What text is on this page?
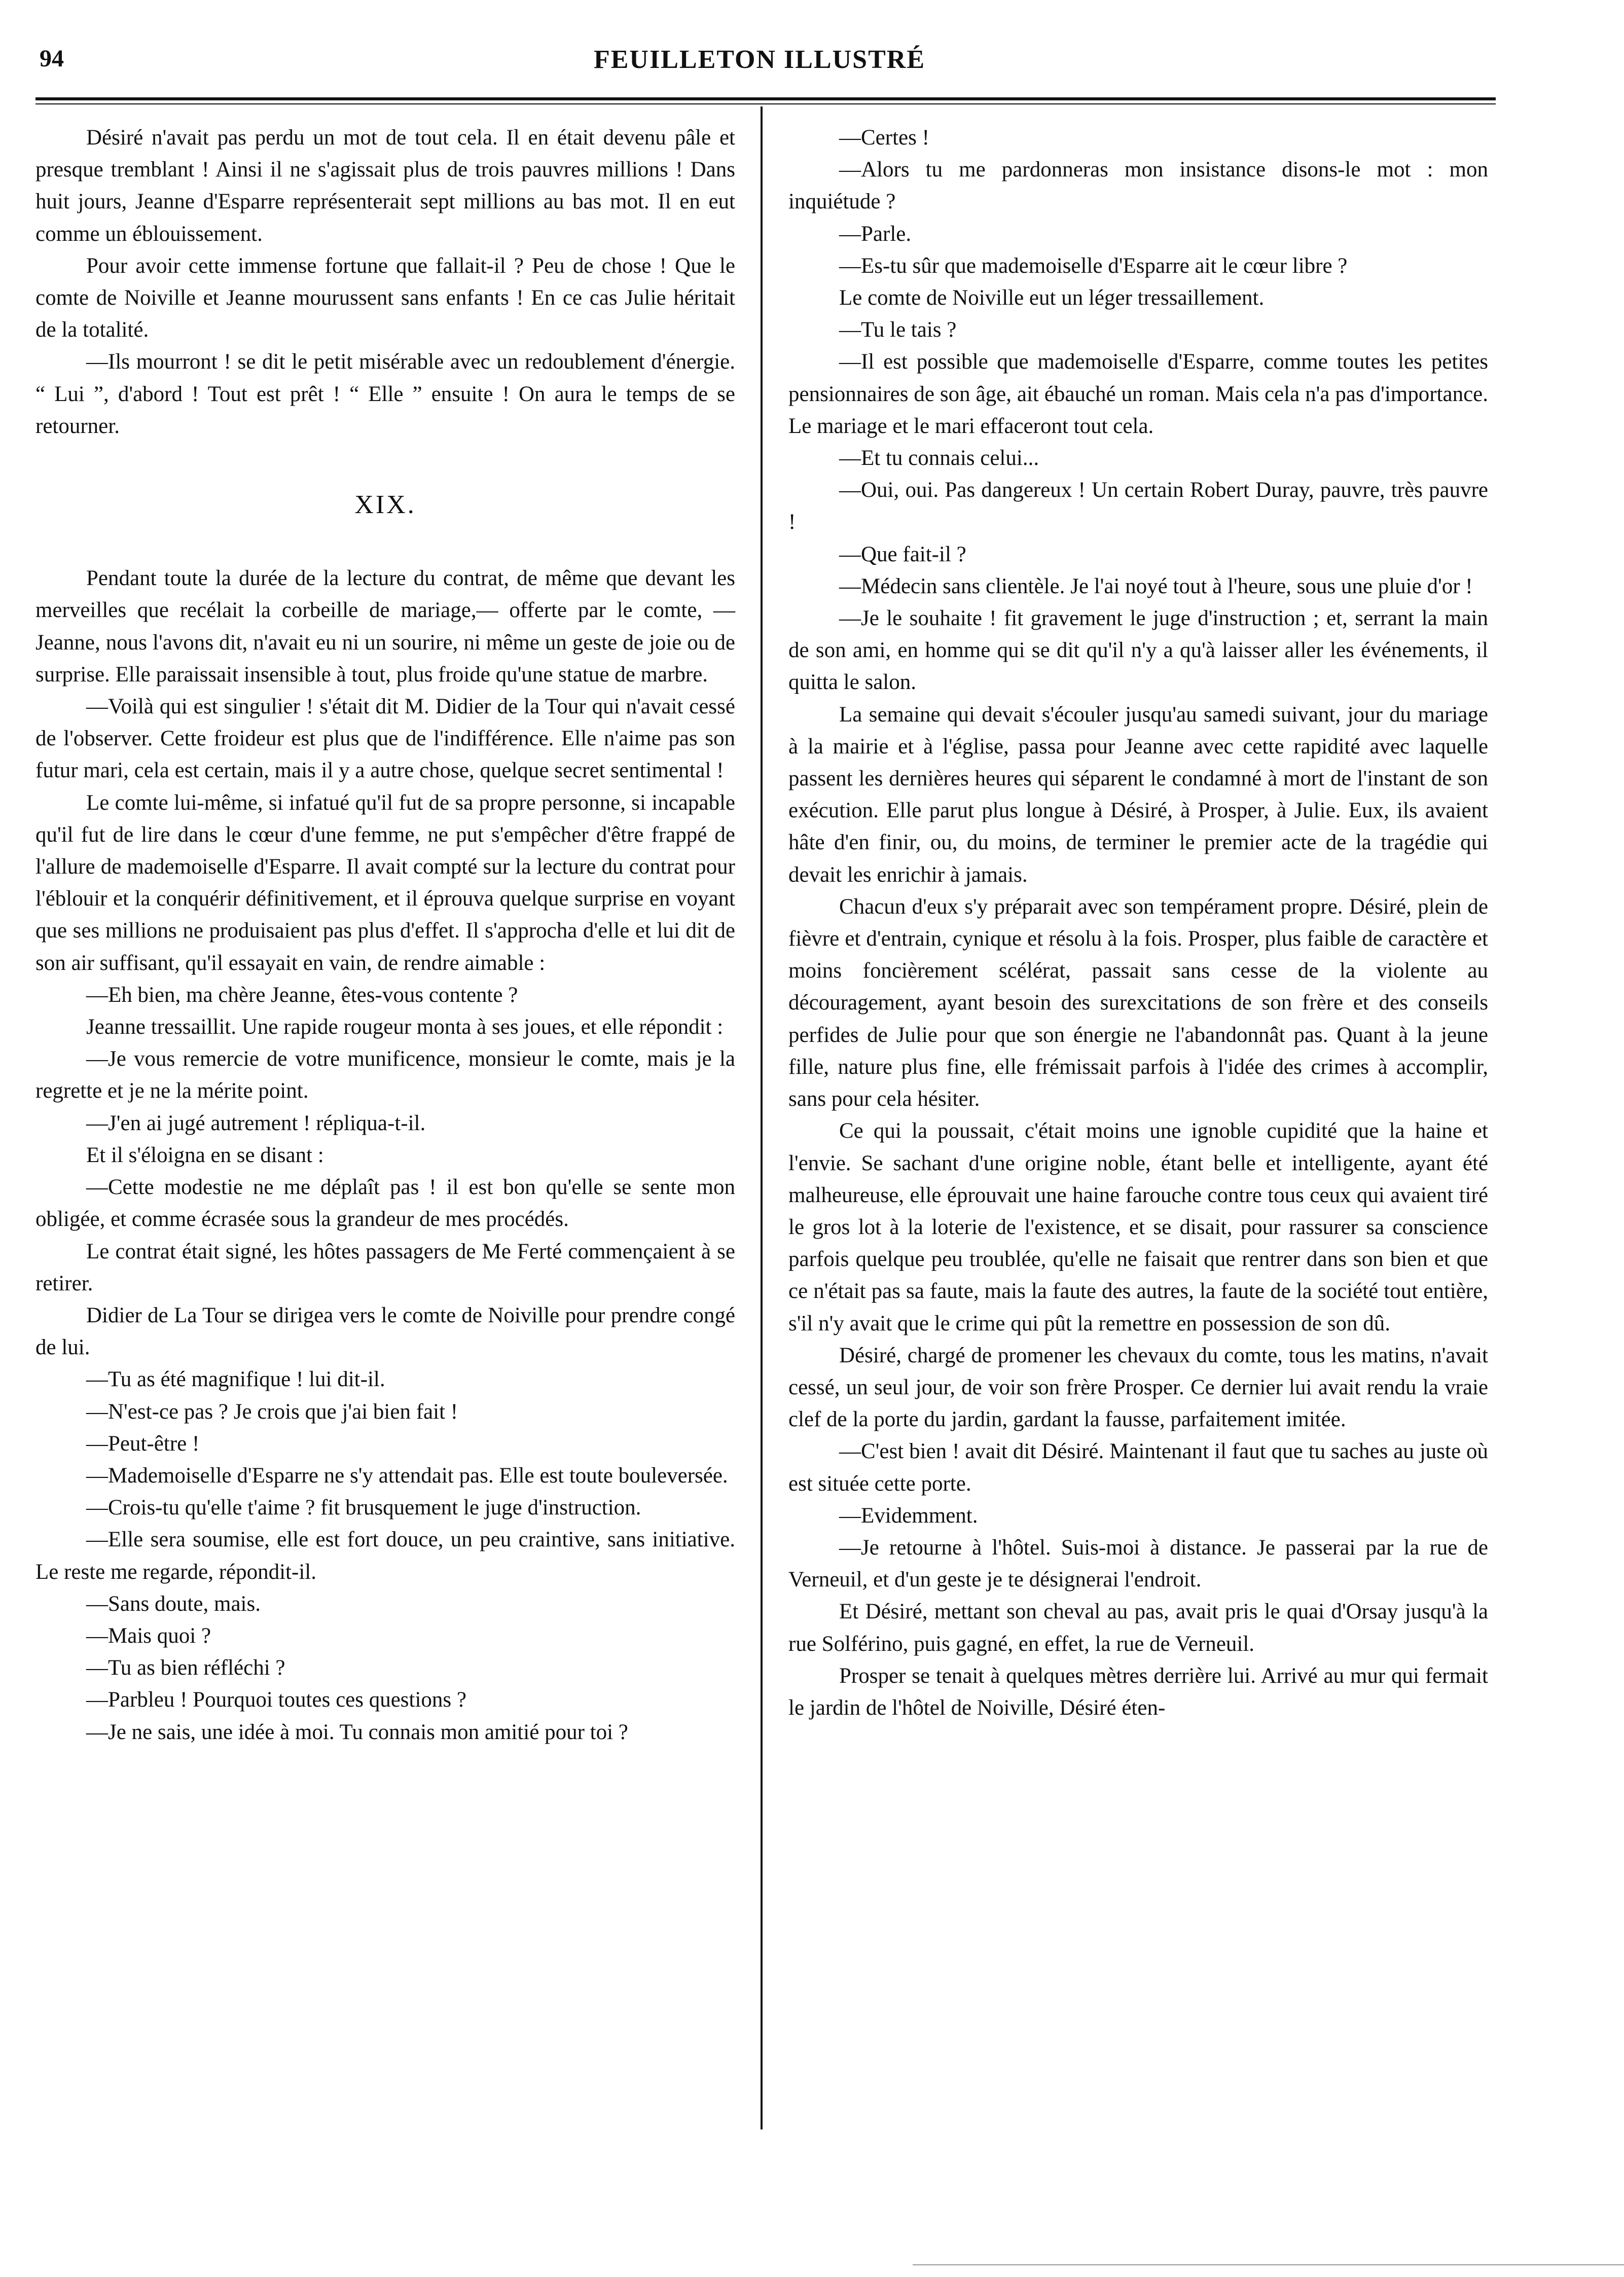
94	FEUILLETON ILLUSTRÉ

Désiré n'avait pas perdu un mot de tout cela. Il en était devenu pâle et presque tremblant ! Ainsi il ne s'agissait plus de trois pauvres millions ! Dans huit jours, Jeanne d'Esparre représenterait sept millions au bas mot. Il en eut comme un éblouissement.

Pour avoir cette immense fortune que fallait-il ? Peu de chose ! Que le comte de Noiville et Jeanne mourussent sans enfants ! En ce cas Julie héritait de la totalité.

—Ils mourront ! se dit le petit misérable avec un redoublement d'énergie. “ Lui ”, d'abord ! Tout est prêt ! “ Elle ” ensuite ! On aura le temps de se retourner.

XIX.

Pendant toute la durée de la lecture du contrat, de même que devant les merveilles que recélait la corbeille de mariage,— offerte par le comte, — Jeanne, nous l'avons dit, n'avait eu ni un sourire, ni même un geste de joie ou de surprise. Elle paraissait insensible à tout, plus froide qu'une statue de marbre.

—Voilà qui est singulier ! s'était dit M. Didier de la Tour qui n'avait cessé de l'observer. Cette froideur est plus que de l'indifférence. Elle n'aime pas son futur mari, cela est certain, mais il y a autre chose, quelque secret sentimental !

Le comte lui-même, si infatué qu'il fut de sa propre personne, si incapable qu'il fut de lire dans le cœur d'une femme, ne put s'empêcher d'être frappé de l'allure de mademoiselle d'Esparre. Il avait compté sur la lecture du contrat pour l'éblouir et la conquérir définitivement, et il éprouva quelque surprise en voyant que ses millions ne produisaient pas plus d'effet. Il s'approcha d'elle et lui dit de son air suffisant, qu'il essayait en vain, de rendre aimable :

—Eh bien, ma chère Jeanne, êtes-vous contente ?

Jeanne tressaillit. Une rapide rougeur monta à ses joues, et elle répondit :

—Je vous remercie de votre munificence, monsieur le comte, mais je la regrette et je ne la mérite point.

—J'en ai jugé autrement ! répliqua-t-il.

Et il s'éloigna en se disant :

—Cette modestie ne me déplaît pas ! il est bon qu'elle se sente mon obligée, et comme écrasée sous la grandeur de mes procédés.

Le contrat était signé, les hôtes passagers de Me Ferté commençaient à se retirer.

Didier de La Tour se dirigea vers le comte de Noiville pour prendre congé de lui.

—Tu as été magnifique ! lui dit-il.

—N'est-ce pas ? Je crois que j'ai bien fait !

—Peut-être !

—Mademoiselle d'Esparre ne s'y attendait pas. Elle est toute bouleversée.

—Crois-tu qu'elle t'aime ? fit brusquement le juge d'instruction.

—Elle sera soumise, elle est fort douce, un peu craintive, sans initiative. Le reste me regarde, répondit-il.

—Sans doute, mais.

—Mais quoi ?

—Tu as bien réfléchi ?

—Parbleu ! Pourquoi toutes ces questions ?

—Je ne sais, une idée à moi. Tu connais mon amitié pour toi ?

—Certes !

—Alors tu me pardonneras mon insistance disons-le mot : mon inquiétude ?

—Parle.

—Es-tu sûr que mademoiselle d'Esparre ait le cœur libre ?

Le comte de Noiville eut un léger tressaillement.

—Tu le tais ?

—Il est possible que mademoiselle d'Esparre, comme toutes les petites pensionnaires de son âge, ait ébauché un roman. Mais cela n'a pas d'importance. Le mariage et le mari effaceront tout cela.

—Et tu connais celui...

—Oui, oui. Pas dangereux ! Un certain Robert Duray, pauvre, très pauvre !

—Que fait-il ?

—Médecin sans clientèle. Je l'ai noyé tout à l'heure, sous une pluie d'or !

—Je le souhaite ! fit gravement le juge d'instruction ; et, serrant la main de son ami, en homme qui se dit qu'il n'y a qu'à laisser aller les événements, il quitta le salon.

La semaine qui devait s'écouler jusqu'au samedi suivant, jour du mariage à la mairie et à l'église, passa pour Jeanne avec cette rapidité avec laquelle passent les dernières heures qui séparent le condamné à mort de l'instant de son exécution. Elle parut plus longue à Désiré, à Prosper, à Julie. Eux, ils avaient hâte d'en finir, ou, du moins, de terminer le premier acte de la tragédie qui devait les enrichir à jamais.

Chacun d'eux s'y préparait avec son tempérament propre. Désiré, plein de fièvre et d'entrain, cynique et résolu à la fois. Prosper, plus faible de caractère et moins foncièrement scélérat, passait sans cesse de la violente au découragement, ayant besoin des surexcitations de son frère et des conseils perfides de Julie pour que son énergie ne l'abandonnât pas. Quant à la jeune fille, nature plus fine, elle frémissait parfois à l'idée des crimes à accomplir, sans pour cela hésiter.

Ce qui la poussait, c'était moins une ignoble cupidité que la haine et l'envie. Se sachant d'une origine noble, étant belle et intelligente, ayant été malheureuse, elle éprouvait une haine farouche contre tous ceux qui avaient tiré le gros lot à la loterie de l'existence, et se disait, pour rassurer sa conscience parfois quelque peu troublée, qu'elle ne faisait que rentrer dans son bien et que ce n'était pas sa faute, mais la faute des autres, la faute de la société tout entière, s'il n'y avait que le crime qui pût la remettre en possession de son dû.

Désiré, chargé de promener les chevaux du comte, tous les matins, n'avait cessé, un seul jour, de voir son frère Prosper. Ce dernier lui avait rendu la vraie clef de la porte du jardin, gardant la fausse, parfaitement imitée.

—C'est bien ! avait dit Désiré. Maintenant il faut que tu saches au juste où est située cette porte.

—Evidemment.

—Je retourne à l'hôtel. Suis-moi à distance. Je passerai par la rue de Verneuil, et d'un geste je te désignerai l'endroit.

Et Désiré, mettant son cheval au pas, avait pris le quai d'Orsay jusqu'à la rue Solférino, puis gagné, en effet, la rue de Verneuil.

Prosper se tenait à quelques mètres derrière lui. Arrivé au mur qui fermait le jardin de l'hôtel de Noiville, Désiré éten-
